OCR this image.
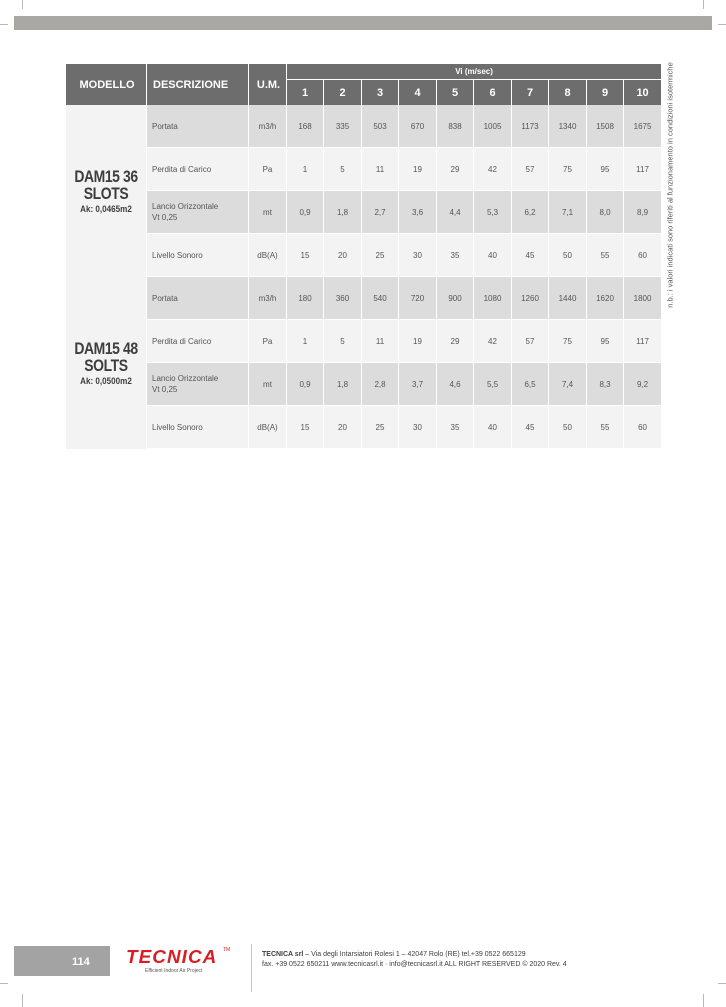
MODELLO	DESCRIZIONE	U.M.	Vi (m/sec)									
			1	2	3	4	5	6	7	8	9	10

DAM15 36
SLOTS
Ak: 0,0465m2	Portata	m3/h	168	335	503	670	838	1005	1173	1340	1508	1675
	Perdita di Carico	Pa	1	5	11	19	29	42	57	75	95	117
	Lancio Orizzontale
Vt 0,25	mt	0,9	1,8	2,7	3,6	4,4	5,3	6,2	7,1	8,0	8,9
	Livello Sonoro	dB(A)	15	20	25	30	35	40	45	50	55	60

DAM15 48
SOLTS
Ak: 0,0500m2	Portata	m3/h	180	360	540	720	900	1080	1260	1440	1620	1800
	Perdita di Carico	Pa	1	5	11	19	29	42	57	75	95	117
	Lancio Orizzontale
Vt 0,25	mt	0,9	1,8	2,8	3,7	4,6	5,5	6,5	7,4	8,3	9,2
	Livello Sonoro	dB(A)	15	20	25	30	35	40	45	50	55	60
n.b.: i valori indicati sono riferiti al funzionamento in condizioni isotermiche
114 TECNICA TM
Efficient Indoor Air Project
TECNICA srl – Via degli Intarsiatori Rolesi 1 – 42047 Rolo (RE) tel.+39 0522 665129
fax. +39 0522 650211 www.tecnicasrl.it · info@tecnicasrl.it ALL RIGHT RESERVED © 2020 Rev. 4
